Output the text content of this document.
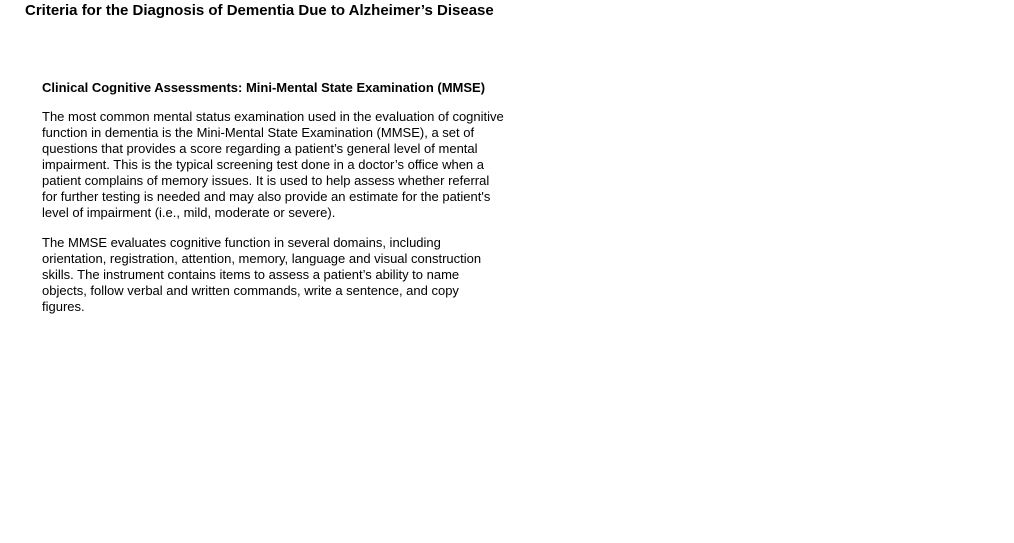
Criteria for the Diagnosis of Dementia Due to Alzheimer’s Disease
Clinical Cognitive Assessments: Mini-Mental State Examination (MMSE)

The most common mental status examination used in the evaluation of cognitive function in dementia is the Mini-Mental State Examination (MMSE), a set of questions that provides a score regarding a patient’s general level of mental impairment. This is the typical screening test done in a doctor’s office when a patient complains of memory issues. It is used to help assess whether referral for further testing is needed and may also provide an estimate for the patient's level of impairment (i.e., mild, moderate or severe).

The MMSE evaluates cognitive function in several domains, including orientation, registration, attention, memory, language and visual construction skills. The instrument contains items to assess a patient’s ability to name objects, follow verbal and written commands, write a sentence, and copy figures.
